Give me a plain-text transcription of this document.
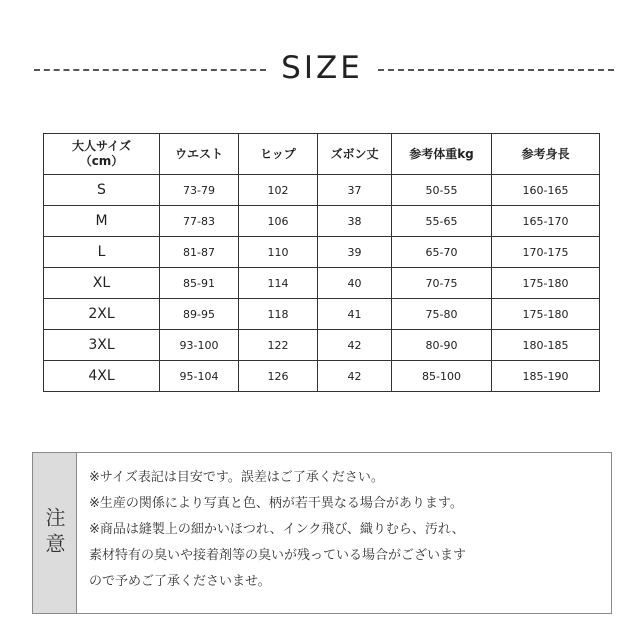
SIZE
大人サイズ
（cm）	ウエスト	ヒップ	ズボン丈	参考体重kg	参考身長
S	73-79	102	37	50-55	160-165
M	77-83	106	38	55-65	165-170
L	81-87	110	39	65-70	170-175
XL	85-91	114	40	70-75	175-180
2XL	89-95	118	41	75-80	175-180
3XL	93-100	122	42	80-90	180-185
4XL	95-104	126	42	85-100	185-190
注意
※サイズ表記は目安です。誤差はご了承ください。
※生産の関係により写真と色、柄が若干異なる場合があります。
※商品は縫製上の細かいほつれ、インク飛び、織りむら、汚れ、
素材特有の臭いや接着剤等の臭いが残っている場合がございます
ので予めご了承くださいませ。
